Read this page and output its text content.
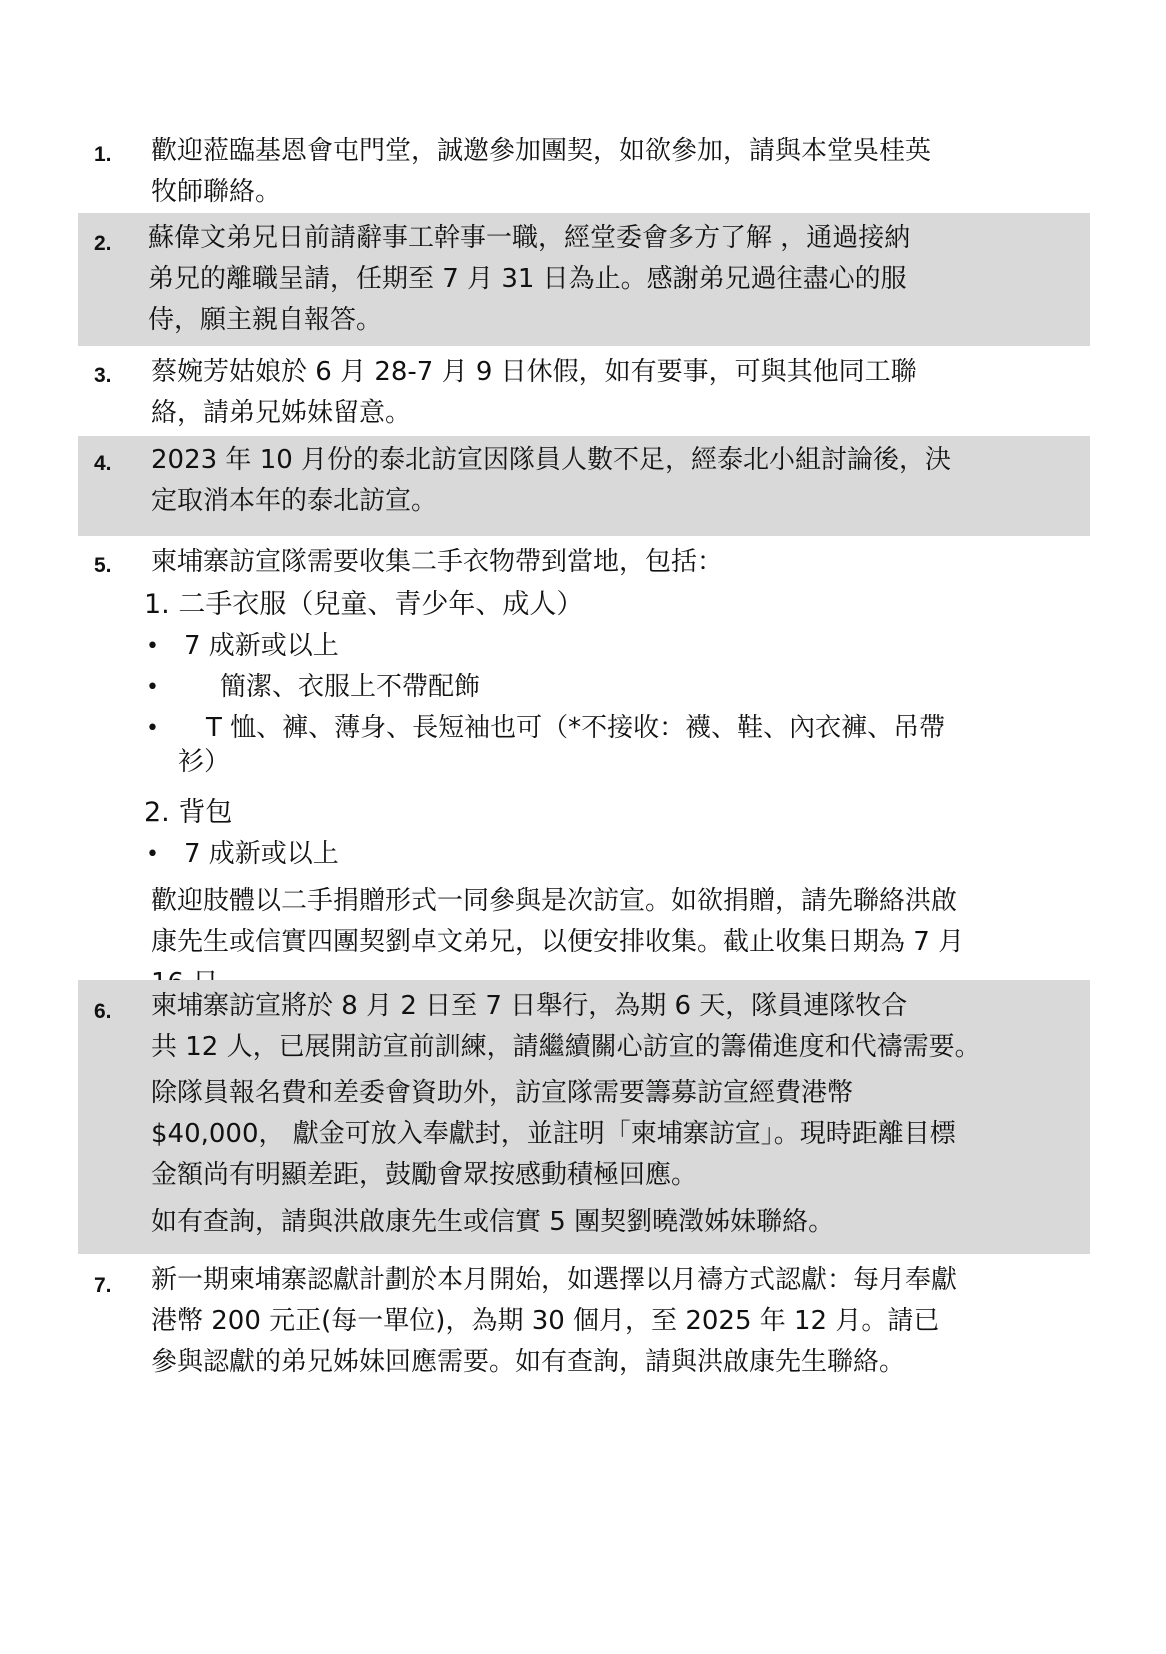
1. 歡迎蒞臨基恩會屯門堂，誠邀參加團契，如欲參加，請與本堂吳桂英
牧師聯絡。
2. 蘇偉文弟兄日前請辭事工幹事一職，經堂委會多方了解 ，通過接納
弟兄的離職呈請，任期至 7 月 31 日為止。感謝弟兄過往盡心的服
侍，願主親自報答。
3. 蔡婉芳姑娘於 6 月 28-7 月 9 日休假，如有要事，可與其他同工聯
絡，請弟兄姊妹留意。
4. 2023 年 10 月份的泰北訪宣因隊員人數不足，經泰北小組討論後，決
定取消本年的泰北訪宣。
5. 柬埔寨訪宣隊需要收集二手衣物帶到當地，包括：
1. 二手衣服（兒童、青少年、成人）
• 7 成新或以上
• 簡潔、衣服上不帶配飾
• T 恤、褲、薄身、長短袖也可（*不接收：襪、鞋、內衣褲、吊帶
衫）
2. 背包
• 7 成新或以上
歡迎肢體以二手捐贈形式一同參與是次訪宣。如欲捐贈，請先聯絡洪啟
康先生或信實四團契劉卓文弟兄，以便安排收集。截止收集日期為 7 月
6. 柬埔寨訪宣將於 8 月 2 日至 7 日舉行，為期 6 天，隊員連隊牧合
共 12 人，已展開訪宣前訓練，請繼續關心訪宣的籌備進度和代禱需要。
除隊員報名費和差委會資助外，訪宣隊需要籌募訪宣經費港幣
$40,000， 獻金可放入奉獻封，並註明「柬埔寨訪宣」。現時距離目標
金額尚有明顯差距，鼓勵會眾按感動積極回應。
如有查詢，請與洪啟康先生或信實 5 團契劉曉澂姊妹聯絡。
7. 新一期柬埔寨認獻計劃於本月開始，如選擇以月禱方式認獻：每月奉獻
港幣 200 元正(每一單位)，為期 30 個月，至 2025 年 12 月。請已
參與認獻的弟兄姊妹回應需要。如有查詢，請與洪啟康先生聯絡。
